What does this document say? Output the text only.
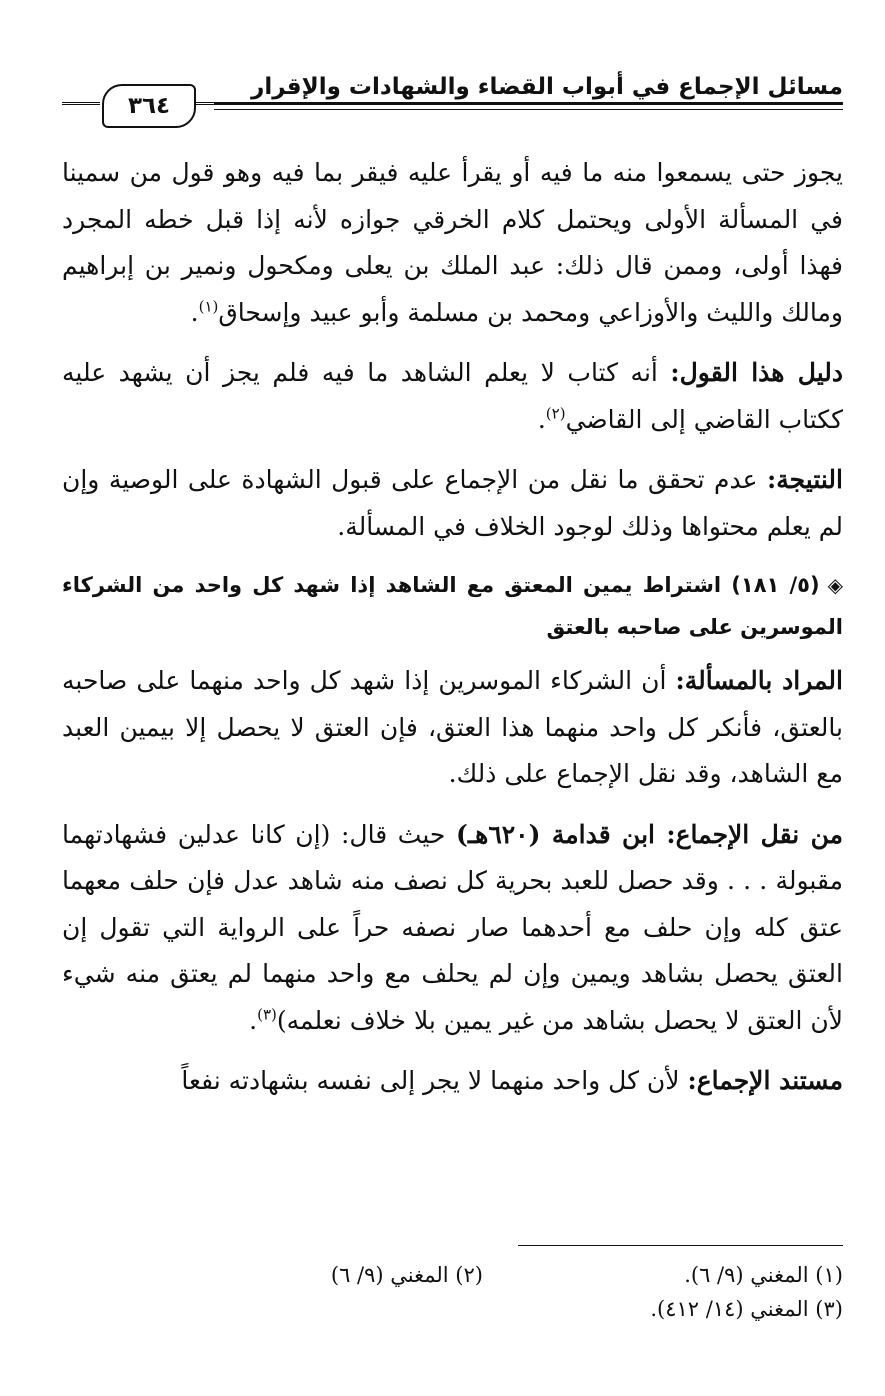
مسائل الإجماع في أبواب القضاء والشهادات والإقرار
٣٦٤

يجوز حتى يسمعوا منه ما فيه أو يقرأ عليه فيقر بما فيه وهو قول من سمينا في المسألة الأولى ويحتمل كلام الخرقي جوازه لأنه إذا قبل خطه المجرد فهذا أولى، وممن قال ذلك: عبد الملك بن يعلى ومكحول ونمير بن إبراهيم ومالك والليث والأوزاعي ومحمد بن مسلمة وأبو عبيد وإسحاق$^{(١)}$.

دليل هذا القول: أنه كتاب لا يعلم الشاهد ما فيه فلم يجز أن يشهد عليه ككتاب القاضي إلى القاضي$^{(٢)}$.

النتيجة: عدم تحقق ما نقل من الإجماع على قبول الشهادة على الوصية وإن لم يعلم محتواها وذلك لوجود الخلاف في المسألة.

◈(٥/ ١٨١) اشتراط يمين المعتق مع الشاهد إذا شهد كل واحد من الشركاء الموسرين على صاحبه بالعتق

المراد بالمسألة: أن الشركاء الموسرين إذا شهد كل واحد منهما على صاحبه بالعتق، فأنكر كل واحد منهما هذا العتق، فإن العتق لا يحصل إلا بيمين العبد مع الشاهد، وقد نقل الإجماع على ذلك.

من نقل الإجماع: ابن قدامة (٦٢٠هـ) حيث قال: (إن كانا عدلين فشهادتهما مقبولة . . . وقد حصل للعبد بحرية كل نصف منه شاهد عدل فإن حلف معهما عتق كله وإن حلف مع أحدهما صار نصفه حراً على الرواية التي تقول إن العتق يحصل بشاهد ويمين وإن لم يحلف مع واحد منهما لم يعتق منه شيء لأن العتق لا يحصل بشاهد من غير يمين بلا خلاف نعلمه)$^{(٣)}$.

مستند الإجماع: لأن كل واحد منهما لا يجر إلى نفسه بشهادته نفعاً

(١) المغني (٩/ ٦).
(٢) المغني (٩/ ٦)
(٣) المغني (١٤/ ٤١٢).
